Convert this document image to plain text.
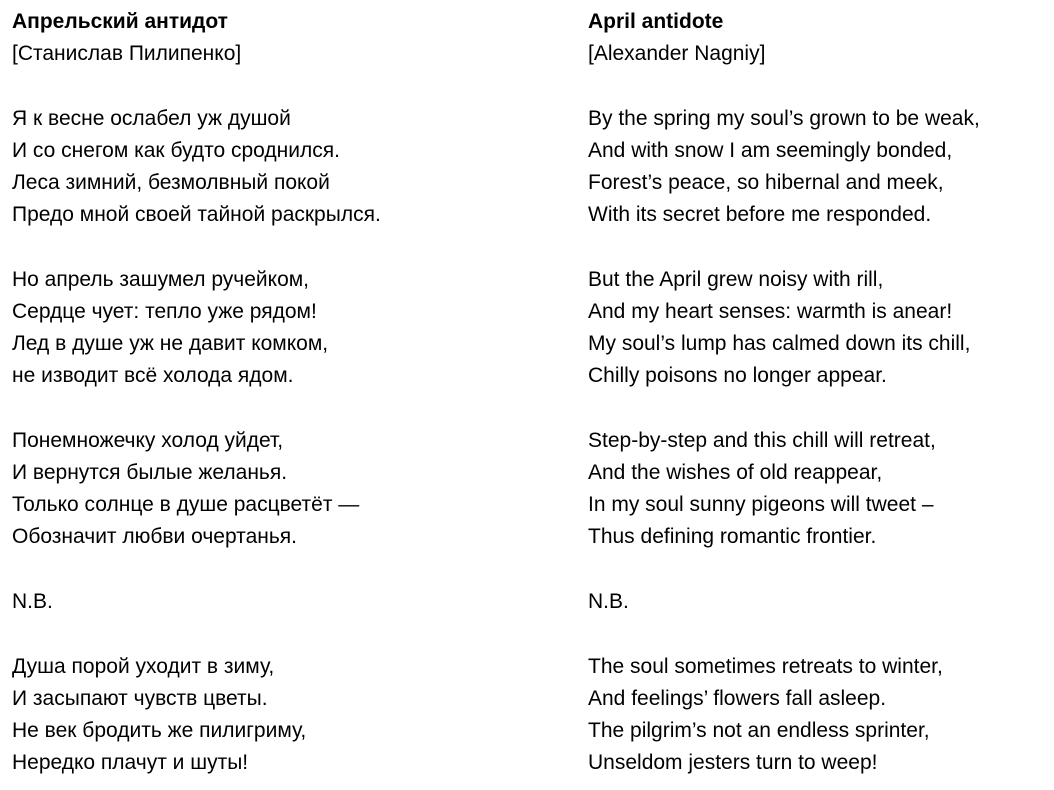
Апрельский антидот
[Станислав Пилипенко]
Я к весне ослабел уж душой
И со снегом как будто сроднился.
Леса зимний, безмолвный покой
Предо мной своей тайной раскрылся.
Но апрель зашумел ручейком,
Сердце чует: тепло уже рядом!
Лед в душе уж не давит комком,
не изводит всё холода ядом.
Понемножечку холод уйдет,
И вернутся былые желанья.
Только солнце в душе расцветёт —
Обозначит любви очертанья.
N.B.
Душа порой уходит в зиму,
И засыпают чувств цветы.
Не век бродить же пилигриму,
Нередко плачут и шуты!
April antidote
[Alexander Nagniy]
By the spring my soul’s grown to be weak,
And with snow I am seemingly bonded,
Forest’s peace, so hibernal and meek,
With its secret before me responded.
But the April grew noisy with rill,
And my heart senses: warmth is anear!
My soul’s lump has calmed down its chill,
Chilly poisons no longer appear.
Step-by-step and this chill will retreat,
And the wishes of old reappear,
In my soul sunny pigeons will tweet –
Thus defining romantic frontier.
N.B.
The soul sometimes retreats to winter,
And feelings’ flowers fall asleep.
The pilgrim’s not an endless sprinter,
Unseldom jesters turn to weep!
